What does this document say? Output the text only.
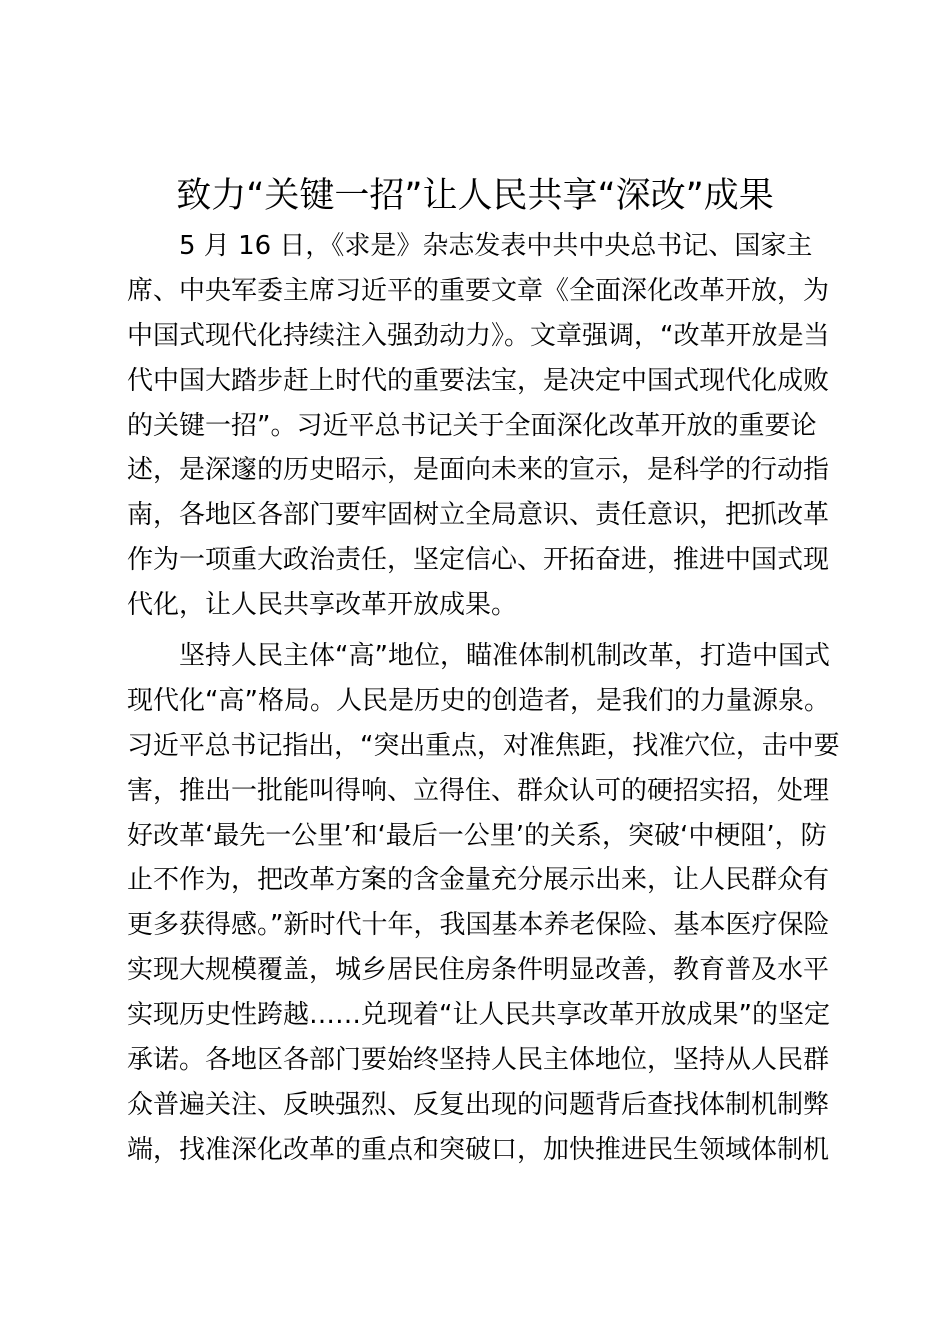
致力“关键一招”让人民共享“深改”成果
5 月 16 日，《求是》杂志发表中共中央总书记、国家主
席、中央军委主席习近平的重要文章《全面深化改革开放，为
中国式现代化持续注入强劲动力》。文章强调，“改革开放是当
代中国大踏步赶上时代的重要法宝，是决定中国式现代化成败
的关键一招”。习近平总书记关于全面深化改革开放的重要论
述，是深邃的历史昭示，是面向未来的宣示，是科学的行动指
南，各地区各部门要牢固树立全局意识、责任意识，把抓改革
作为一项重大政治责任，坚定信心、开拓奋进，推进中国式现
代化，让人民共享改革开放成果。
坚持人民主体“高”地位，瞄准体制机制改革，打造中国式
现代化“高”格局。人民是历史的创造者，是我们的力量源泉。
习近平总书记指出，“突出重点，对准焦距，找准穴位，击中要
害，推出一批能叫得响、立得住、群众认可的硬招实招，处理
好改革‘最先一公里’和‘最后一公里’的关系，突破‘中梗阻’，防
止不作为，把改革方案的含金量充分展示出来，让人民群众有
更多获得感。”新时代十年，我国基本养老保险、基本医疗保险
实现大规模覆盖，城乡居民住房条件明显改善，教育普及水平
实现历史性跨越……兑现着“让人民共享改革开放成果”的坚定
承诺。各地区各部门要始终坚持人民主体地位，坚持从人民群
众普遍关注、反映强烈、反复出现的问题背后查找体制机制弊
端，找准深化改革的重点和突破口，加快推进民生领域体制机
